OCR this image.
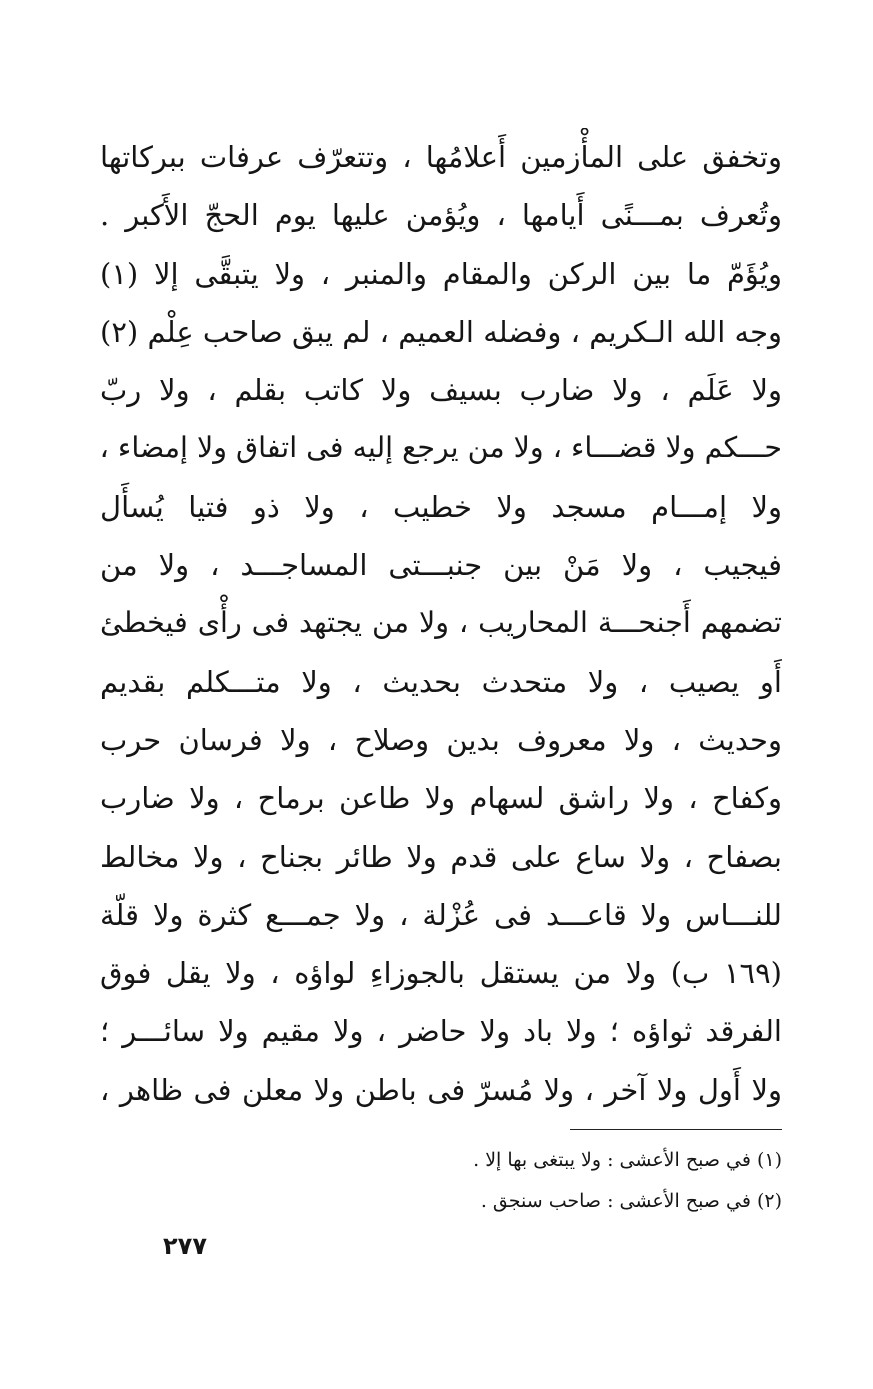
وتخفق على المأْزمين أَعلامُها ، وتتعرّف عرفات ببركاتها
وتُعرف بمـــنًى أَيامها ، ويُؤمن عليها يوم الحجّ الأَكبر .
ويُؤَمّ ما بين الركن والمقام والمنبر ، ولا يتبقَّى إلا (١)
وجه الله الـكريم ، وفضله العميم ، لم يبق صاحب عِلْم (٢)
ولا عَلَم ، ولا ضارب بسيف ولا كاتب بقلم ، ولا ربّ
حـــكم ولا قضـــاء ، ولا من يرجع إليه فى اتفاق ولا إمضاء ،
ولا إمـــام مسجد ولا خطيب ، ولا ذو فتيا يُسأَل
فيجيب ، ولا مَنْ بين جنبـــتى المساجـــد ، ولا من
تضمهم أَجنحـــة المحاريب ، ولا من يجتهد فى رأْى فيخطئ
أَو يصيب ، ولا متحدث بحديث ، ولا متـــكلم بقديم
وحديث ، ولا معروف بدين وصلاح ، ولا فرسان حرب
وكفاح ، ولا راشق لسهام ولا طاعن برماح ، ولا ضارب
بصفاح ، ولا ساع على قدم ولا طائر بجناح ، ولا مخالط
للنـــاس ولا قاعـــد فى عُزْلة ، ولا جمـــع كثرة ولا قلّة
(١٦٩ ب) ولا من يستقل بالجوزاءِ لواؤه ، ولا يقل فوق
الفرقد ثواؤه ؛ ولا باد ولا حاضر ، ولا مقيم ولا سائـــر ؛
ولا أَول ولا آخر ، ولا مُسرّ فى باطن ولا معلن فى ظاهر ،
(١) في صبح الأعشى : ولا يبتغى بها إلا .
(٢) في صبح الأعشى : صاحب سنجق .
٢٧٧
